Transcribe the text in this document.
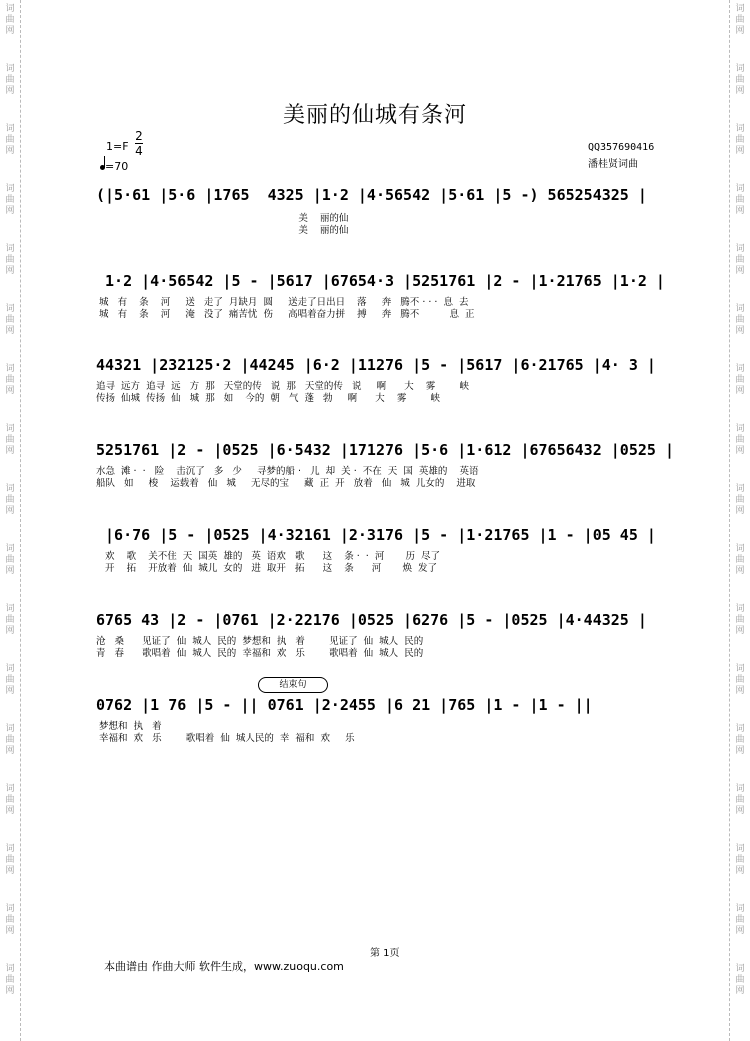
词
曲
网
词
曲
网
词
曲
网
词
曲
网
词
曲
网
词
曲
网
词
曲
网
词
曲
网
词
曲
网
词
曲
网
词
曲
网
词
曲
网
词
曲
网
词
曲
网
词
曲
网
词
曲
网
词
曲
网
词
曲
网
词
曲
网
词
曲
网
词
曲
网
词
曲
网
词
曲
网
词
曲
网
词
曲
网
词
曲
网
词
曲
网
词
曲
网
词
曲
网
词
曲
网
词
曲
网
词
曲
网
词
曲
网
词
曲
网
美丽的仙城有条河
1=F
2
4
=70
QQ357690416
潘桂贤词曲
(|5·61 |5·6 |1765  4325 |1·2 |4·56542 |5·61 |5 -) 565254325 |
美    丽的仙
美    丽的仙
1·2 |4·56542 |5 - |5617 |67654·3 |5251761 |2 - |1·21765 |1·2 |
城   有    条    河     送   走了  月缺月  圆     送走了日出日    落     奔   腾不 · · ·  息  去
城   有    条    河     淹   没了  痛苦忧  伤     高唱着奋力拼    搏     奔   腾不          息  正
44321 |232125·2 |44245 |6·2 |11276 |5 - |5617 |6·21765 |4· 3 |
追寻  远方  追寻  远   方  那   天堂的传   说  那   天堂的传   说     啊      大    雾        峡
传扬  仙城  传扬  仙   城  那   如    今的  朝   气  蓬   勃     啊      大    雾        峡
5251761 |2 - |0525 |6·5432 |171276 |5·6 |1·612 |67656432 |0525 |
水急  滩 ·  ·   险    击沉了   多   少     寻梦的船 ·   儿  却  关 ·  不在  天  国  英雄的    英语
船队   如     梭    运载着   仙   城     无尽的宝     藏  正  开   放着   仙   城  儿女的    进取
|6·76 |5 - |0525 |4·32161 |2·3176 |5 - |1·21765 |1 - |05 45 |
欢    歌    关不住  天  国英  雄的   英  语欢   歌      这    条 ·  ·  河       历  尽了
开    拓    开放着  仙  城儿  女的   进  取开   拓      这    条      河       焕  发了
6765 43 |2 - |0761 |2·22176 |0525 |6276 |5 - |0525 |4·44325 |
沧   桑      见证了  仙  城人  民的  梦想和  执   着        见证了  仙  城人  民的
青   春      歌唱着  仙  城人  民的  幸福和  欢   乐        歌唱着  仙  城人  民的
结束句
0762 |1 76 |5 - || 0761 |2·2455 |6 21 |765 |1 - |1 - ||
梦想和  执   着
幸福和  欢   乐        歌唱着  仙  城人民的  幸  福和  欢     乐
第 1页
本曲谱由 作曲大师 软件生成，www.zuoqu.com
